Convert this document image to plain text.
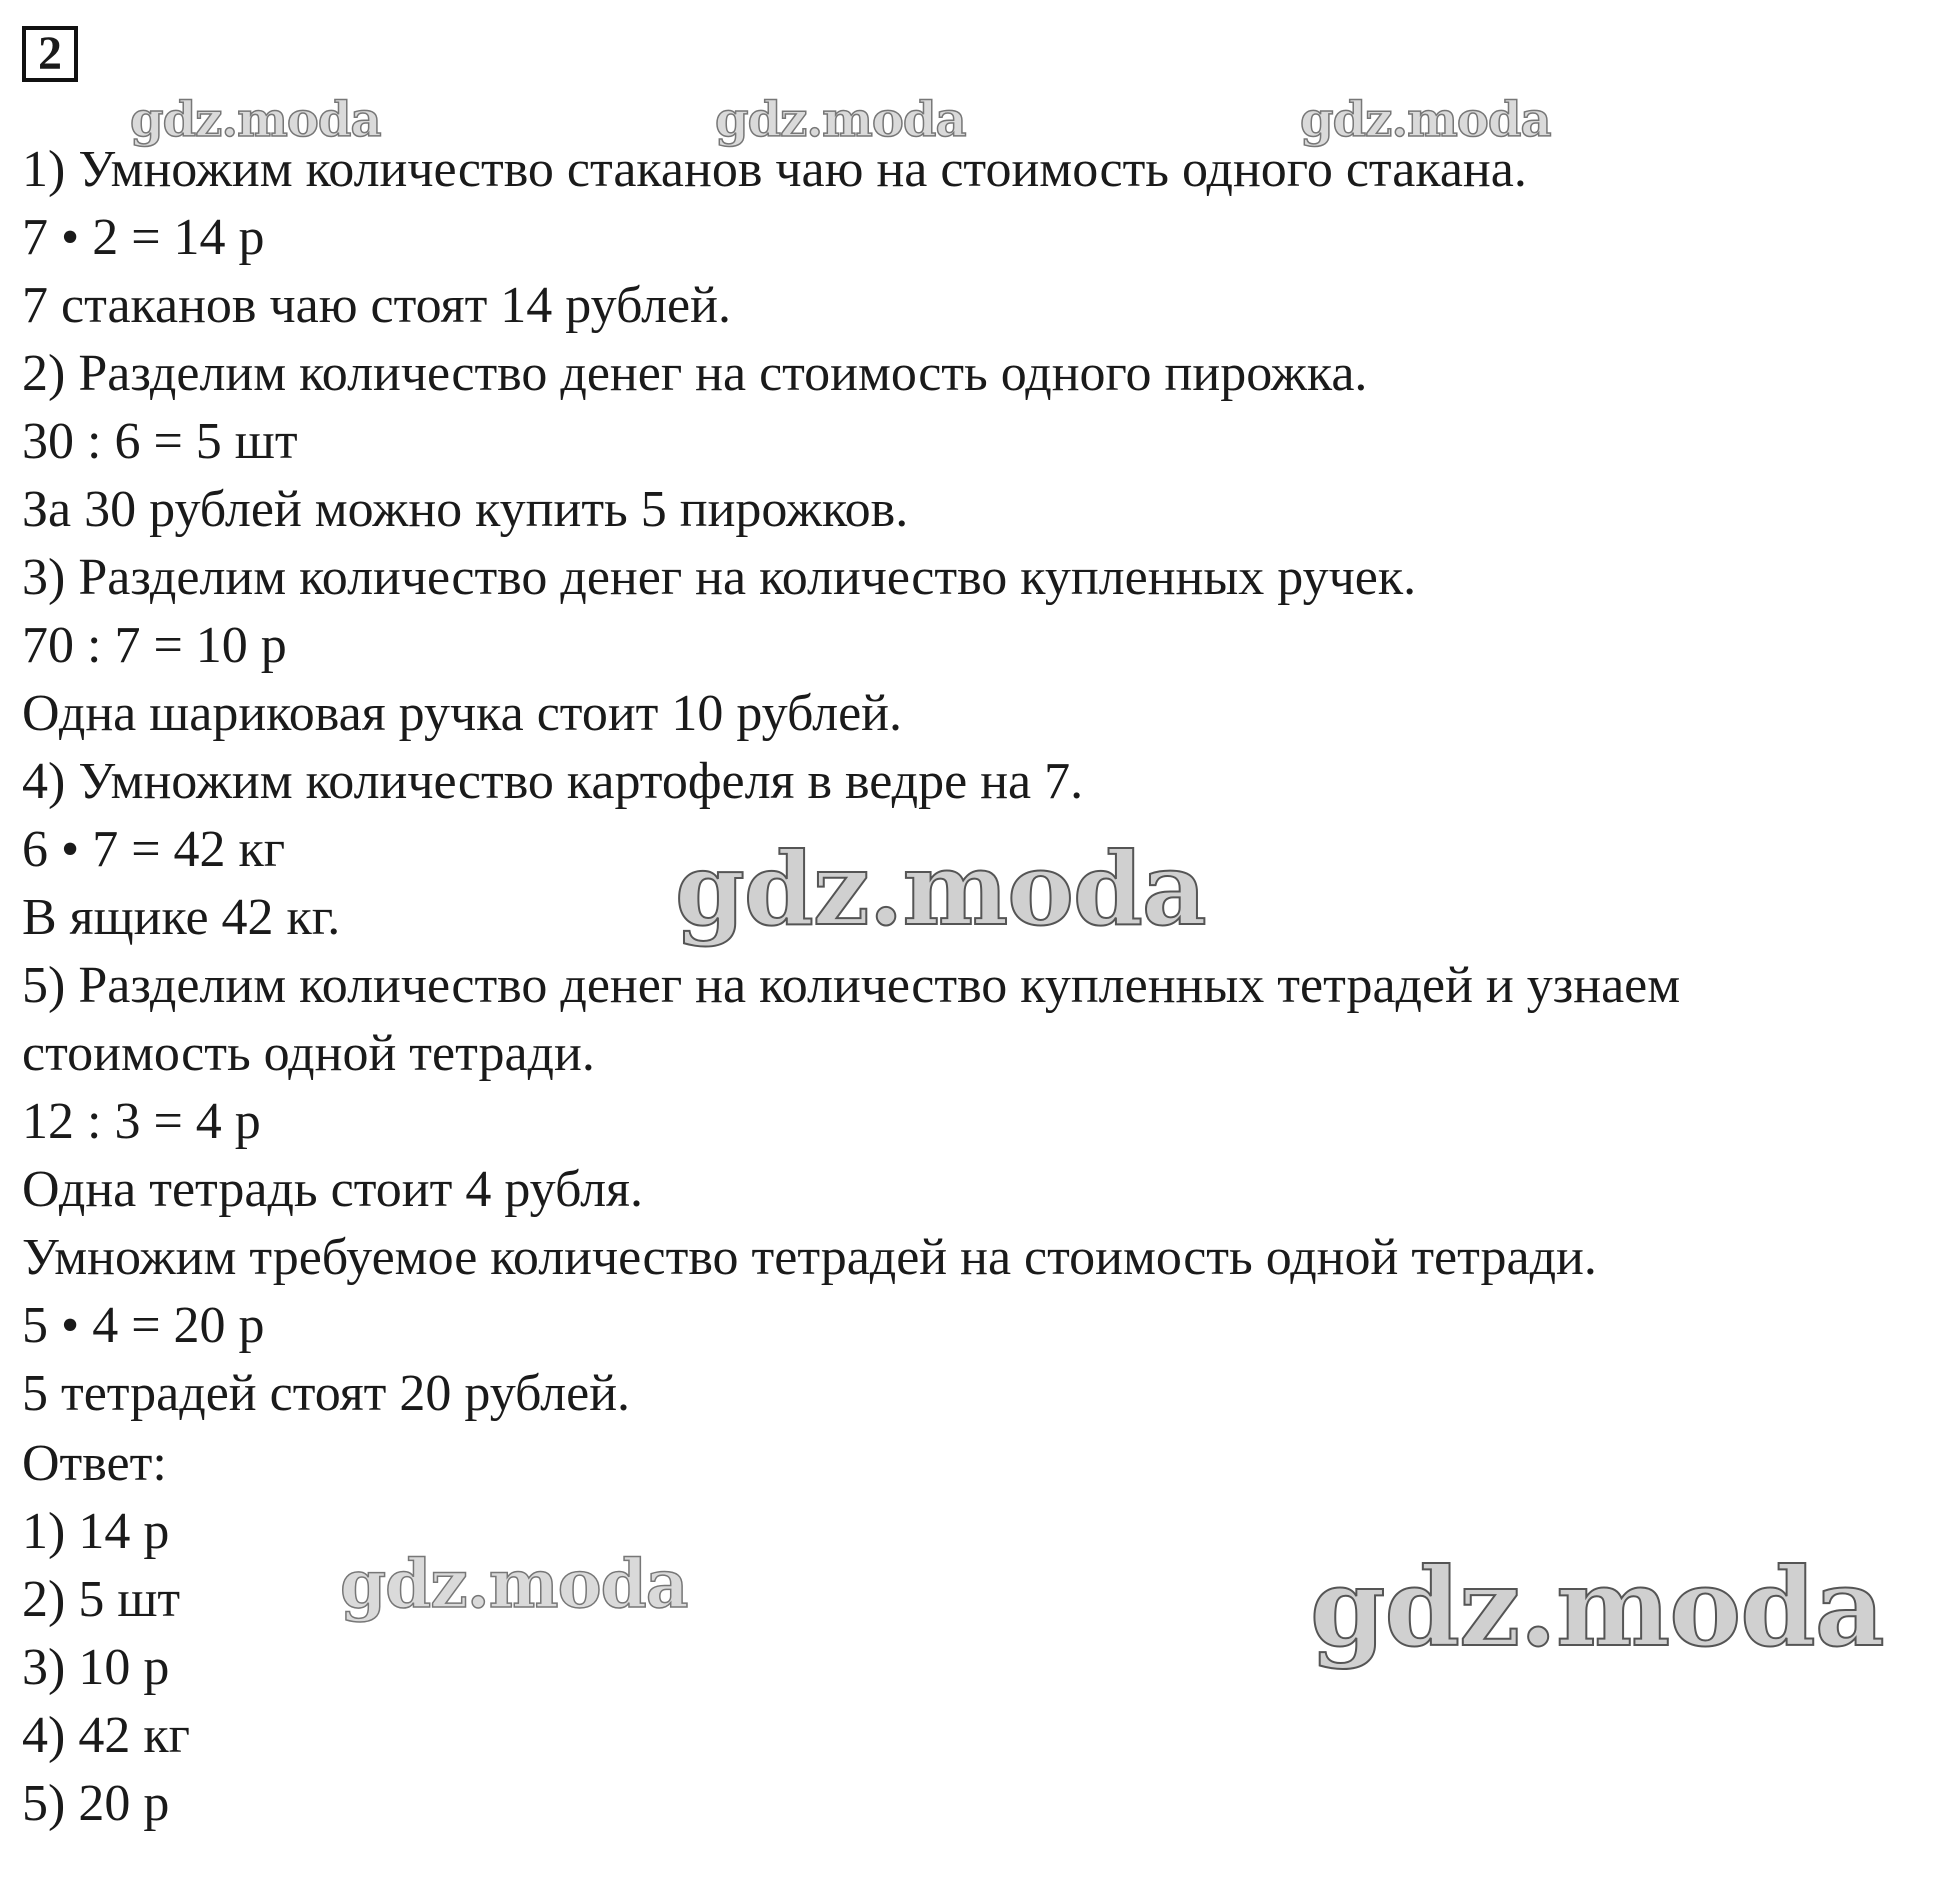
2
gdz.moda	gdz.moda	gdz.moda
1) Умножим количество стаканов чаю на стоимость одного стакана.
7 • 2 = 14 р
7 стаканов чаю стоят 14 рублей.
2) Разделим количество денег на стоимость одного пирожка.
30 : 6 = 5 шт
За 30 рублей можно купить 5 пирожков.
3) Разделим количество денег на количество купленных ручек.
70 : 7 = 10 р
Одна шариковая ручка стоит 10 рублей.
4) Умножим количество картофеля в ведре на 7.
6 • 7 = 42 кг
В ящике 42 кг.
5) Разделим количество денег на количество купленных тетрадей и узнаем
стоимость одной тетради.
12 : 3 = 4 р
Одна тетрадь стоит 4 рубля.
Умножим требуемое количество тетрадей на стоимость одной тетради.
5 • 4 = 20 р
5 тетрадей стоят 20 рублей.
Ответ:
1) 14 р
2) 5 шт
3) 10 р
4) 42 кг
5) 20 р
gdz.moda
gdz.moda	gdz.moda
